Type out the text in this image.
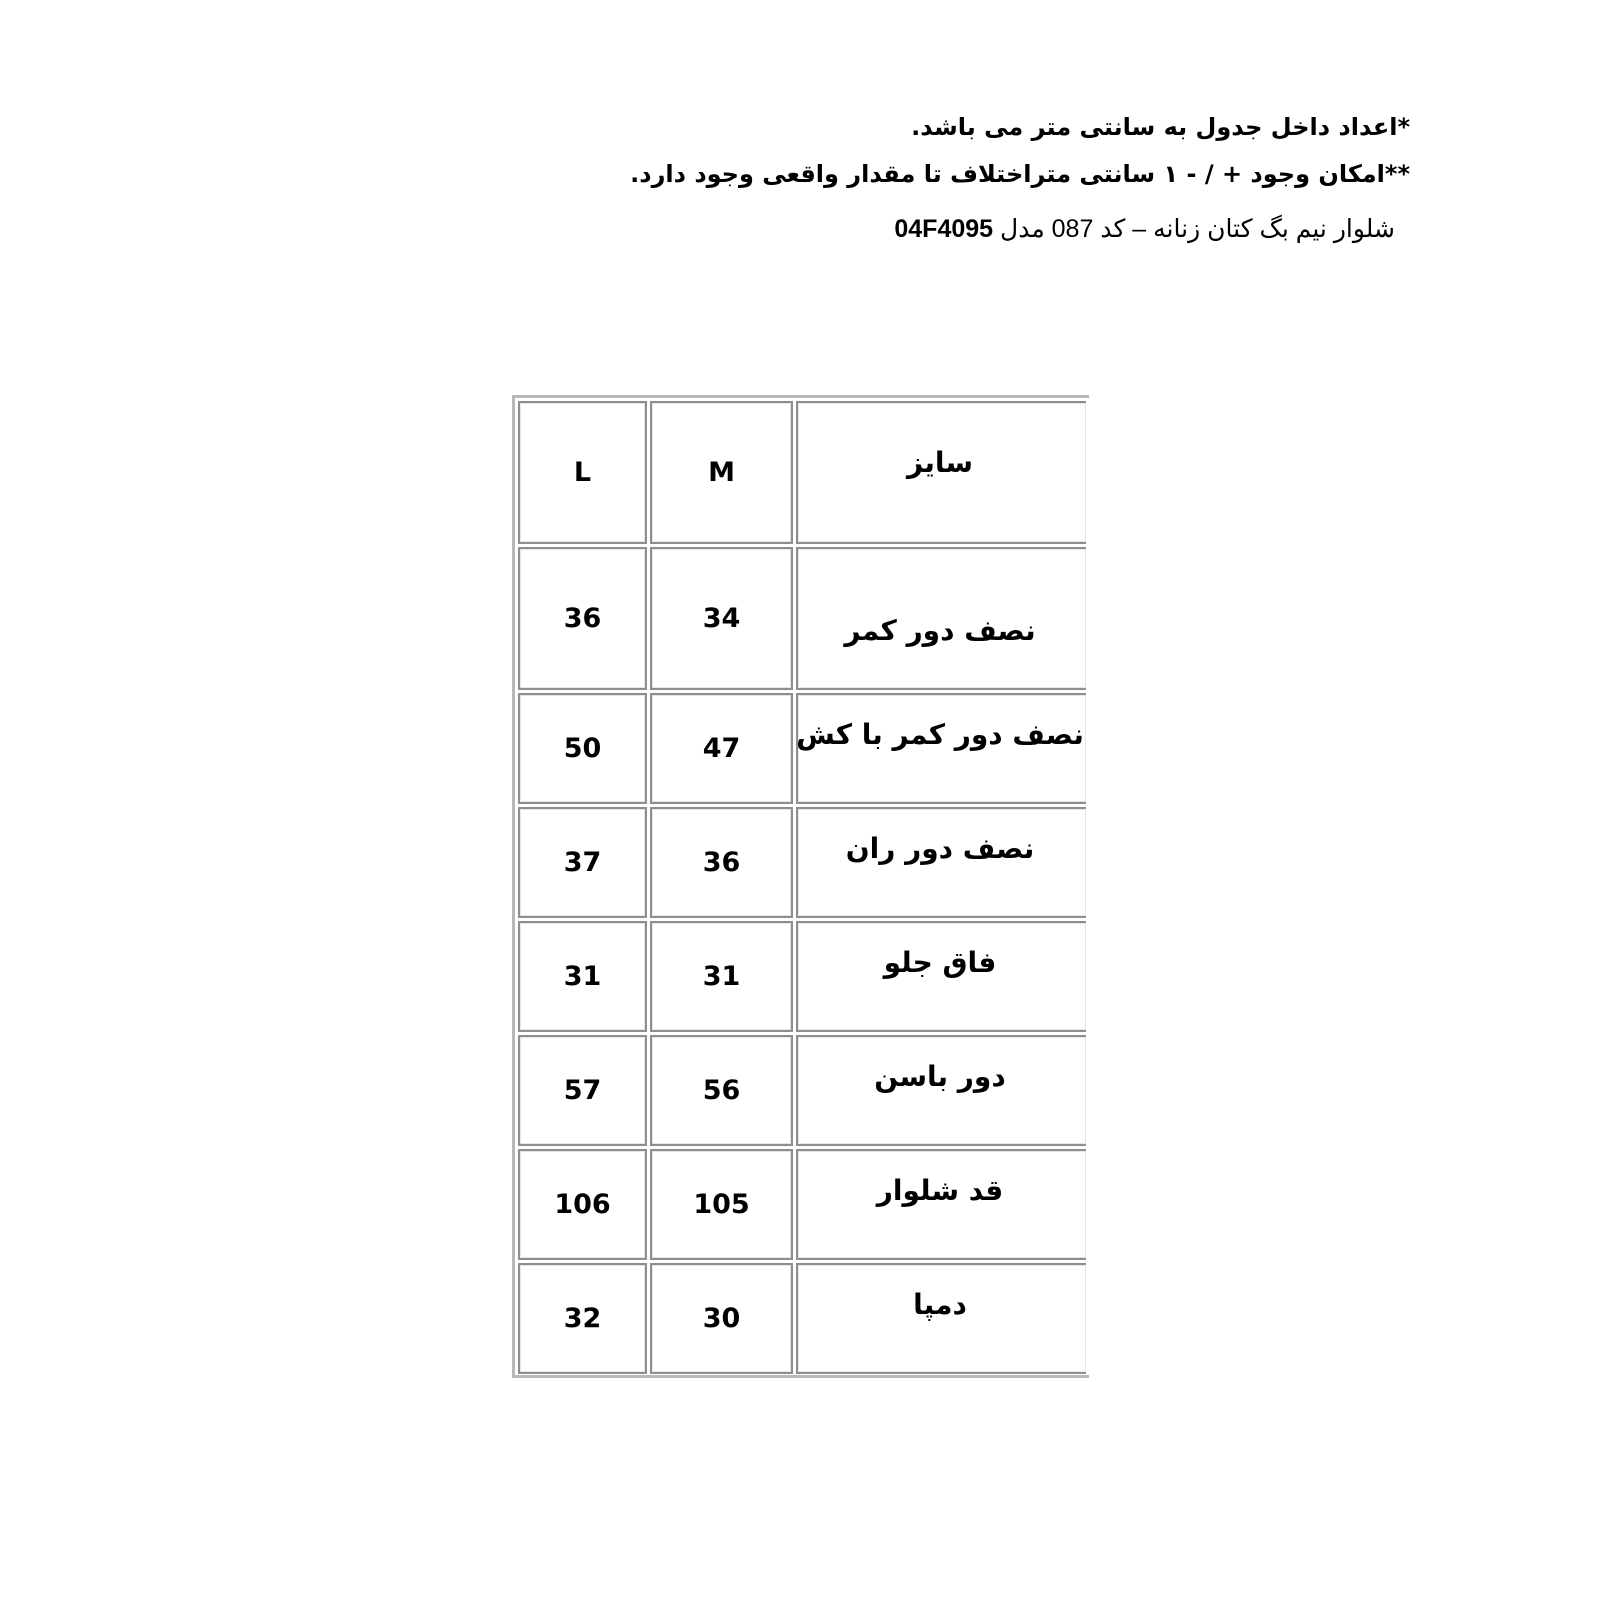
*اعداد داخل جدول به سانتی متر می باشد.
**امکان وجود + / - ۱ سانتی متراختلاف تا مقدار واقعی وجود دارد.
شلوار نیم بگ کتان زنانه – کد 087 مدل 04F4095
L	M	سایز
36	34	نصف دور کمر
50	47	نصف دور کمر با کش
37	36	نصف دور ران
31	31	فاق جلو
57	56	دور باسن
106	105	قد شلوار
32	30	دمپا
